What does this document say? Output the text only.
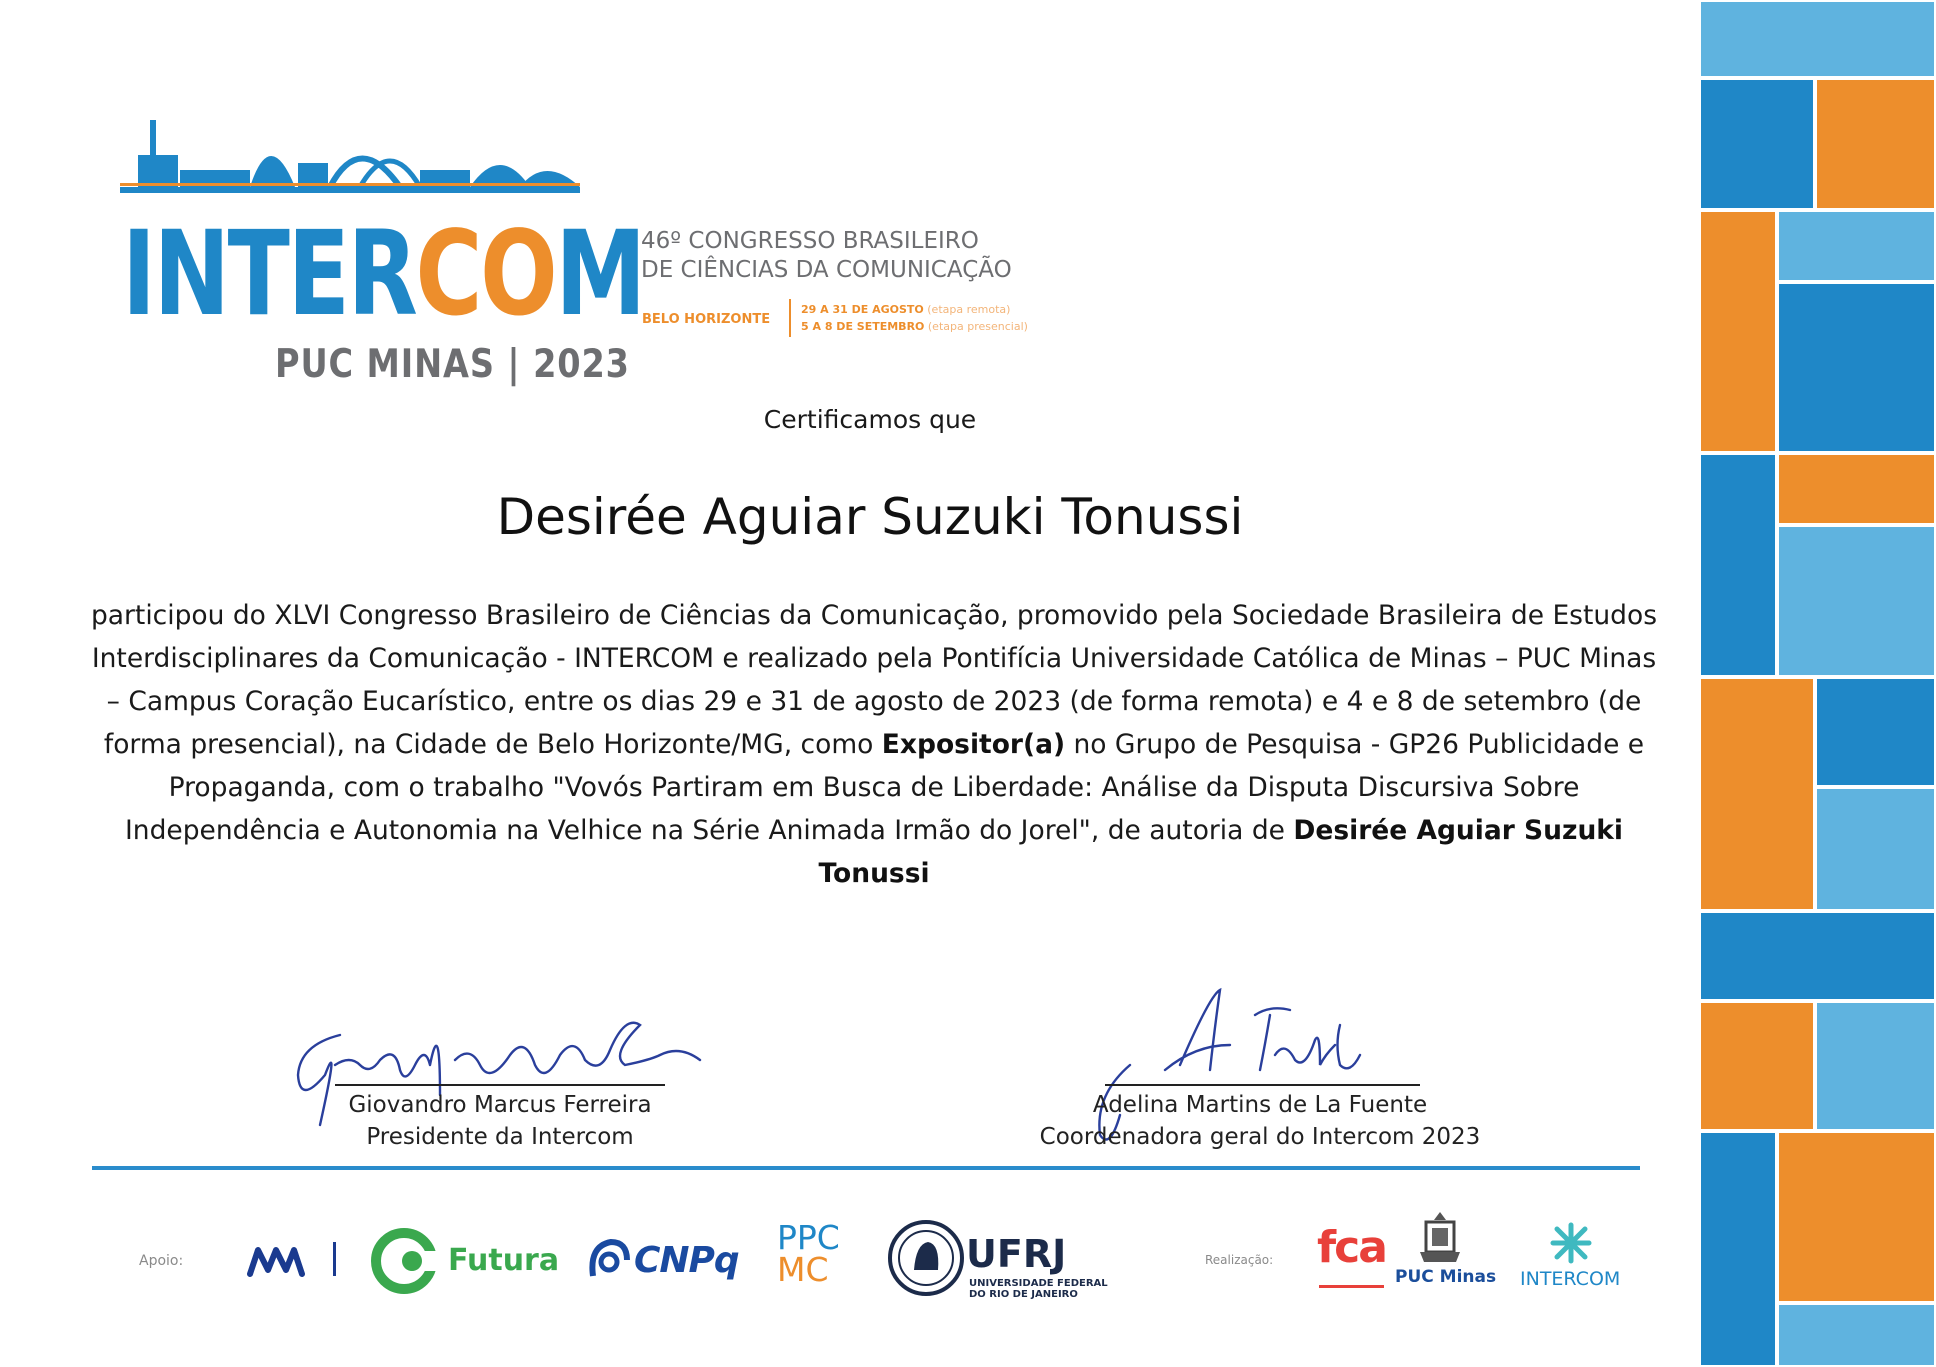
INTERCOM
PUC MINAS | 2023
46º CONGRESSO BRASILEIRO
DE CIÊNCIAS DA COMUNICAÇÃO
BELO HORIZONTE
29 A 31 DE AGOSTO (etapa remota)
5 A 8 DE SETEMBRO (etapa presencial)
Certificamos que
Desirée Aguiar Suzuki Tonussi
participou do XLVI Congresso Brasileiro de Ciências da Comunicação, promovido pela Sociedade Brasileira de Estudos Interdisciplinares da Comunicação - INTERCOM e realizado pela Pontifícia Universidade Católica de Minas – PUC Minas – Campus Coração Eucarístico, entre os dias 29 e 31 de agosto de 2023 (de forma remota) e 4 e 8 de setembro (de forma presencial), na Cidade de Belo Horizonte/MG, como Expositor(a) no Grupo de Pesquisa - GP26 Publicidade e Propaganda, com o trabalho "Vovós Partiram em Busca de Liberdade: Análise da Disputa Discursiva Sobre Independência e Autonomia na Velhice na Série Animada Irmão do Jorel", de autoria de Desirée Aguiar Suzuki Tonussi
Giovandro Marcus Ferreira
Presidente da Intercom
Adelina Martins de La Fuente
Coordenadora geral do Intercom 2023
Apoio:	Futura CNPq
PPC
MC	UFRJ
UNIVERSIDADE FEDERAL
DO RIO DE JANEIRO
Realização: fca
PUC Minas INTERCOM
